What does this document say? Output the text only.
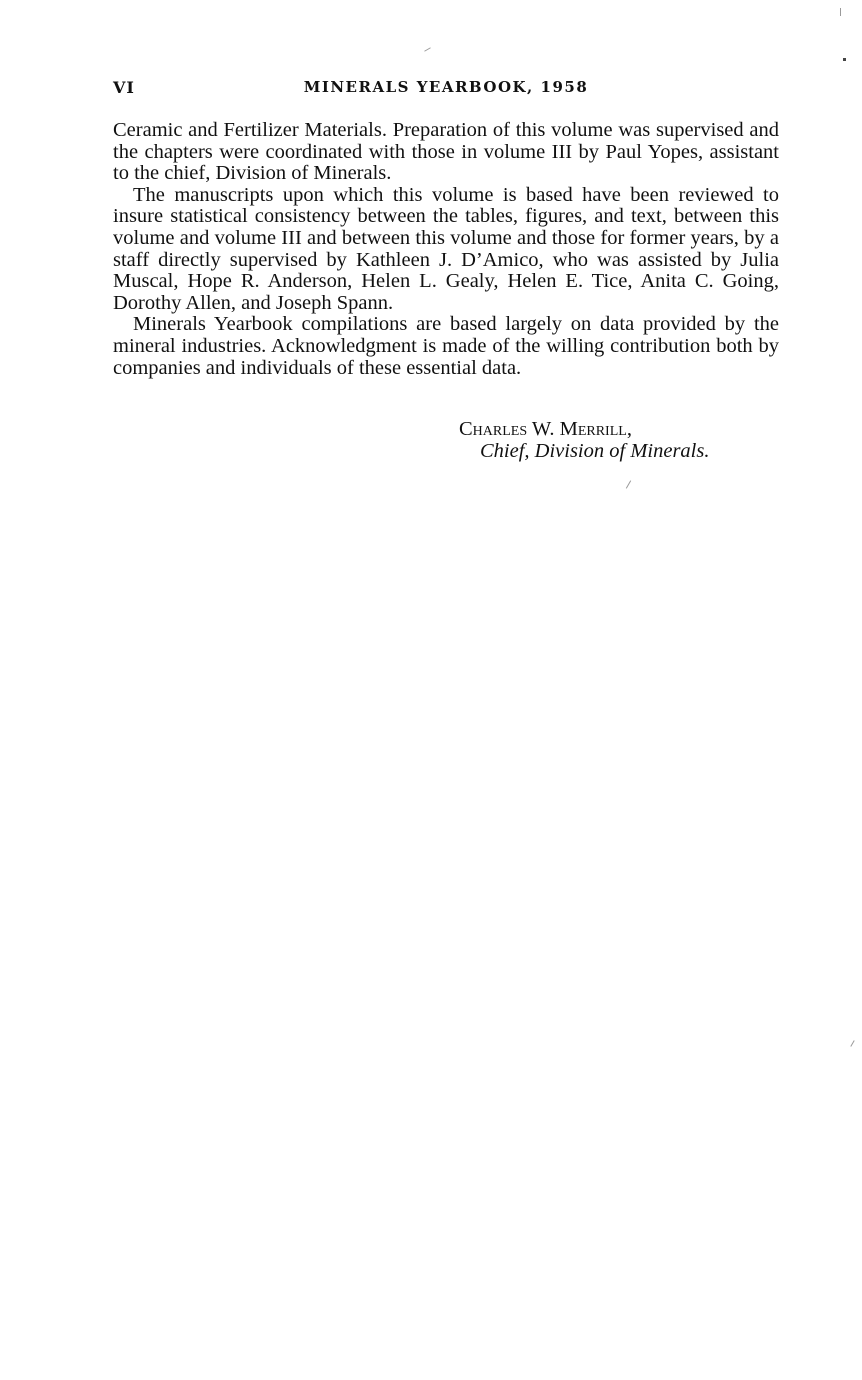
VI	MINERALS YEARBOOK, 1958

Ceramic and Fertilizer Materials. Preparation of this volume was supervised and the chapters were coordinated with those in volume III by Paul Yopes, assistant to the chief, Division of Minerals.

The manuscripts upon which this volume is based have been reviewed to insure statistical consistency between the tables, figures, and text, between this volume and volume III and between this volume and those for former years, by a staff directly supervised by Kathleen J. D’Amico, who was assisted by Julia Muscal, Hope R. Anderson, Helen L. Gealy, Helen E. Tice, Anita C. Going, Dorothy Allen, and Joseph Spann.

Minerals Yearbook compilations are based largely on data provided by the mineral industries. Acknowledgment is made of the willing contribution both by companies and individuals of these essential data.

Charles W. Merrill,
Chief, Division of Minerals.
